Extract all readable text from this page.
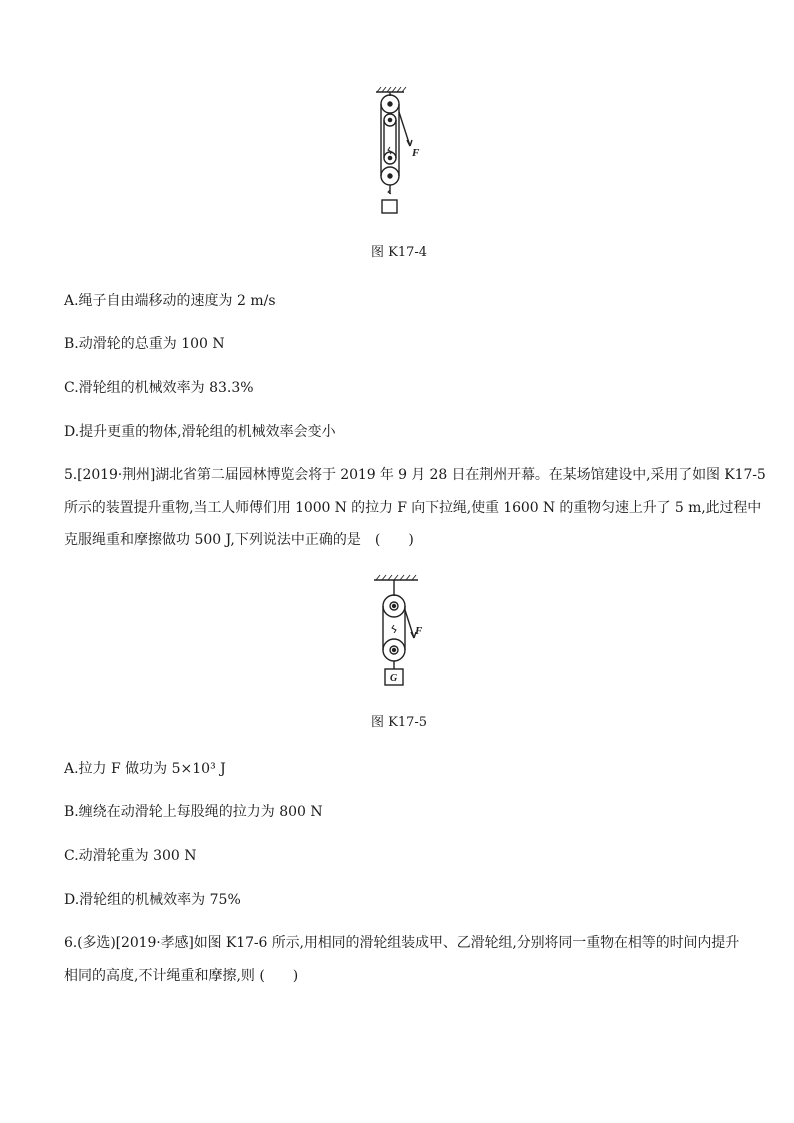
F
图 K17-4
A.绳子自由端移动的速度为 2 m/s
B.动滑轮的总重为 100 N
C.滑轮组的机械效率为 83.3%
D.提升更重的物体,滑轮组的机械效率会变小
5.[2019·荆州]湖北省第二届园林博览会将于 2019 年 9 月 28 日在荆州开幕。在某场馆建设中,采用了如图 K17-5
所示的装置提升重物,当工人师傅们用 1000 N 的拉力 F 向下拉绳,使重 1600 N 的重物匀速上升了 5 m,此过程中
克服绳重和摩擦做功 500 J,下列说法中正确的是　(　　)
F
G
图 K17-5
A.拉力 F 做功为 5×10³ J
B.缠绕在动滑轮上每股绳的拉力为 800 N
C.动滑轮重为 300 N
D.滑轮组的机械效率为 75%
6.(多选)[2019·孝感]如图 K17-6 所示,用相同的滑轮组装成甲、乙滑轮组,分别将同一重物在相等的时间内提升
相同的高度,不计绳重和摩擦,则 (　　)
